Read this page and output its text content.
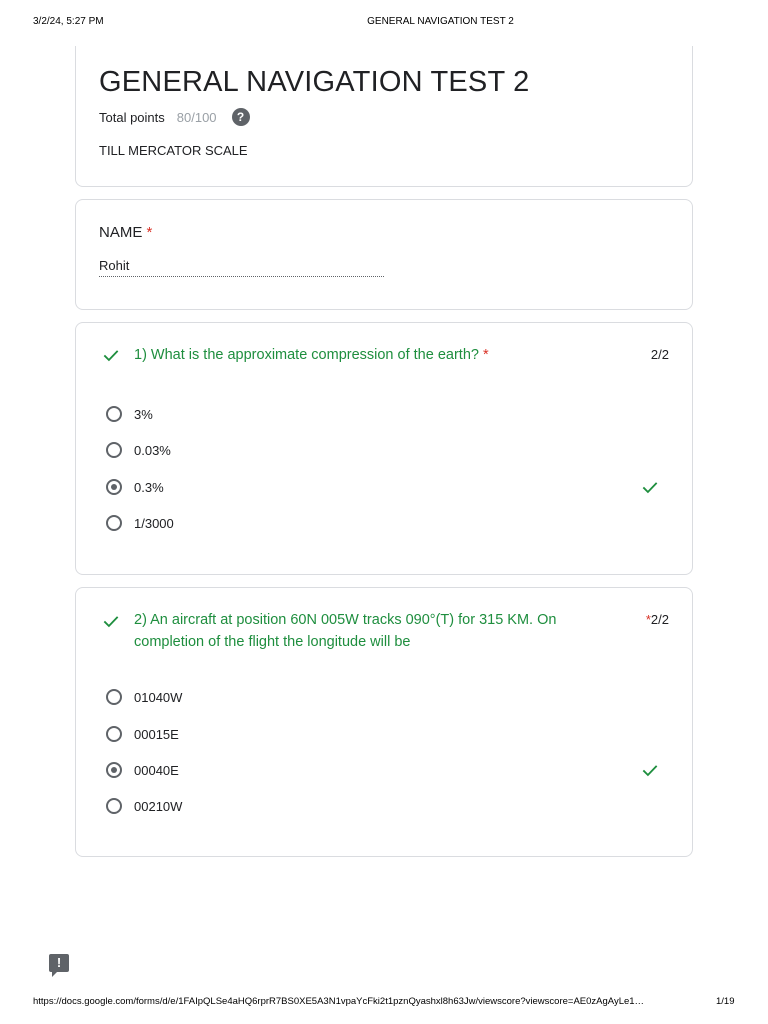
3/2/24, 5:27 PM	GENERAL NAVIGATION TEST 2
GENERAL NAVIGATION TEST 2
Total points 80/100	?
TILL MERCATOR SCALE
NAME *
Rohit
1) What is the approximate compression of the earth? *	2/2
3%
0.03%
0.3%
1/3000
2) An aircraft at position 60N 005W tracks 090°(T) for 315 KM. On
completion of the flight the longitude will be
*2/2
01040W
00015E
00040E
00210W
!
https://docs.google.com/forms/d/e/1FAIpQLSe4aHQ6rprR7BS0XE5A3N1vpaYcFki2t1pznQyashxl8h63Jw/viewscore?viewscore=AE0zAgAyLe1…	1/19
